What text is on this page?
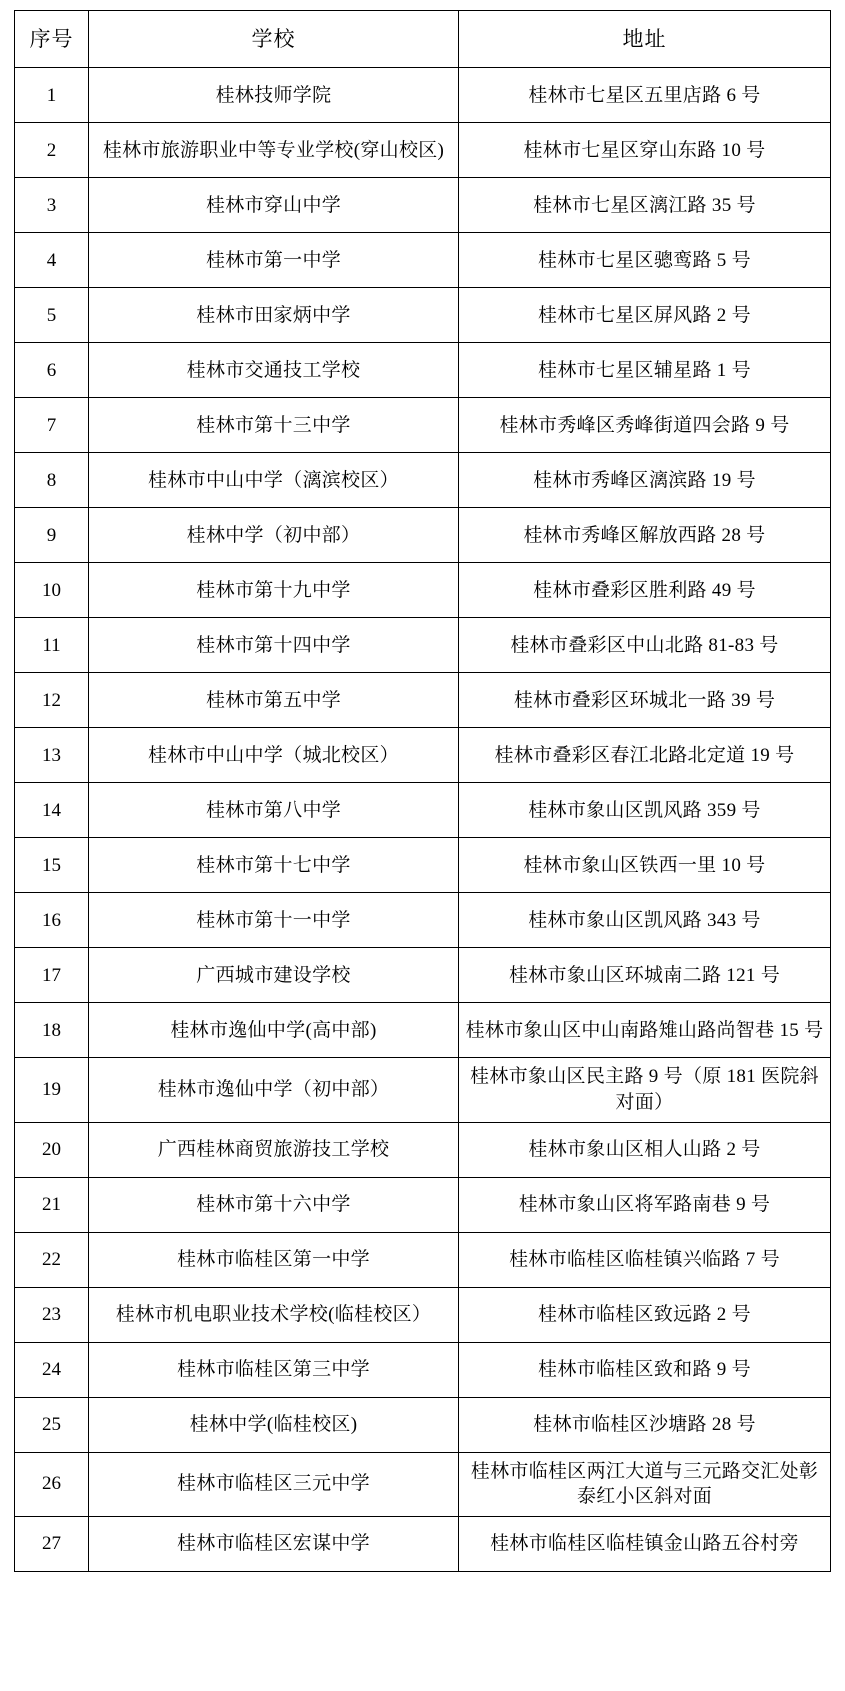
序号	学校	地址
1	桂林技师学院	桂林市七星区五里店路 6 号
2	桂林市旅游职业中等专业学校(穿山校区)	桂林市七星区穿山东路 10 号
3	桂林市穿山中学	桂林市七星区漓江路 35 号
4	桂林市第一中学	桂林市七星区骢鸾路 5 号
5	桂林市田家炳中学	桂林市七星区屏风路 2 号
6	桂林市交通技工学校	桂林市七星区辅星路 1 号
7	桂林市第十三中学	桂林市秀峰区秀峰街道四会路 9 号
8	桂林市中山中学（漓滨校区）	桂林市秀峰区漓滨路 19 号
9	桂林中学（初中部）	桂林市秀峰区解放西路 28 号
10	桂林市第十九中学	桂林市叠彩区胜利路 49 号
11	桂林市第十四中学	桂林市叠彩区中山北路 81-83 号
12	桂林市第五中学	桂林市叠彩区环城北一路 39 号
13	桂林市中山中学（城北校区）	桂林市叠彩区春江北路北定道 19 号
14	桂林市第八中学	桂林市象山区凯风路 359 号
15	桂林市第十七中学	桂林市象山区铁西一里 10 号
16	桂林市第十一中学	桂林市象山区凯风路 343 号
17	广西城市建设学校	桂林市象山区环城南二路 121 号
18	桂林市逸仙中学(高中部)	桂林市象山区中山南路雉山路尚智巷 15 号
19	桂林市逸仙中学（初中部）	桂林市象山区民主路 9 号（原 181 医院斜对面）
20	广西桂林商贸旅游技工学校	桂林市象山区相人山路 2 号
21	桂林市第十六中学	桂林市象山区将军路南巷 9 号
22	桂林市临桂区第一中学	桂林市临桂区临桂镇兴临路 7 号
23	桂林市机电职业技术学校(临桂校区）	桂林市临桂区致远路 2 号
24	桂林市临桂区第三中学	桂林市临桂区致和路 9 号
25	桂林中学(临桂校区)	桂林市临桂区沙塘路 28 号
26	桂林市临桂区三元中学	桂林市临桂区两江大道与三元路交汇处彰泰红小区斜对面
27	桂林市临桂区宏谋中学	桂林市临桂区临桂镇金山路五谷村旁
